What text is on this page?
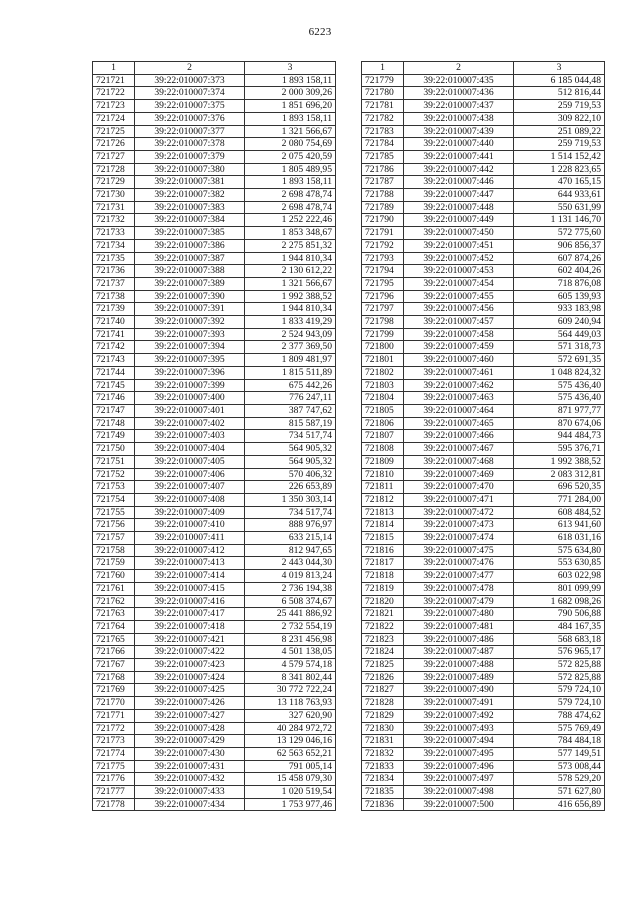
6223
1	2	3
721721	39:22:010007:373	1 893 158,11
721722	39:22:010007:374	2 000 309,26
721723	39:22:010007:375	1 851 696,20
721724	39:22:010007:376	1 893 158,11
721725	39:22:010007:377	1 321 566,67
721726	39:22:010007:378	2 080 754,69
721727	39:22:010007:379	2 075 420,59
721728	39:22:010007:380	1 805 489,95
721729	39:22:010007:381	1 893 158,11
721730	39:22:010007:382	2 698 478,74
721731	39:22:010007:383	2 698 478,74
721732	39:22:010007:384	1 252 222,46
721733	39:22:010007:385	1 853 348,67
721734	39:22:010007:386	2 275 851,32
721735	39:22:010007:387	1 944 810,34
721736	39:22:010007:388	2 130 612,22
721737	39:22:010007:389	1 321 566,67
721738	39:22:010007:390	1 992 388,52
721739	39:22:010007:391	1 944 810,34
721740	39:22:010007:392	1 833 419,29
721741	39:22:010007:393	2 524 943,09
721742	39:22:010007:394	2 377 369,50
721743	39:22:010007:395	1 809 481,97
721744	39:22:010007:396	1 815 511,89
721745	39:22:010007:399	675 442,26
721746	39:22:010007:400	776 247,11
721747	39:22:010007:401	387 747,62
721748	39:22:010007:402	815 587,19
721749	39:22:010007:403	734 517,74
721750	39:22:010007:404	564 905,32
721751	39:22:010007:405	564 905,32
721752	39:22:010007:406	570 406,32
721753	39:22:010007:407	226 653,89
721754	39:22:010007:408	1 350 303,14
721755	39:22:010007:409	734 517,74
721756	39:22:010007:410	888 976,97
721757	39:22:010007:411	633 215,14
721758	39:22:010007:412	812 947,65
721759	39:22:010007:413	2 443 044,30
721760	39:22:010007:414	4 019 813,24
721761	39:22:010007:415	2 736 194,38
721762	39:22:010007:416	6 508 374,67
721763	39:22:010007:417	25 441 886,92
721764	39:22:010007:418	2 732 554,19
721765	39:22:010007:421	8 231 456,98
721766	39:22:010007:422	4 501 138,05
721767	39:22:010007:423	4 579 574,18
721768	39:22:010007:424	8 341 802,44
721769	39:22:010007:425	30 772 722,24
721770	39:22:010007:426	13 118 763,93
721771	39:22:010007:427	327 620,90
721772	39:22:010007:428	40 284 972,72
721773	39:22:010007:429	13 129 046,16
721774	39:22:010007:430	62 563 652,21
721775	39:22:010007:431	791 005,14
721776	39:22:010007:432	15 458 079,30
721777	39:22:010007:433	1 020 519,54
721778	39:22:010007:434	1 753 977,46
1	2	3
721779	39:22:010007:435	6 185 044,48
721780	39:22:010007:436	512 816,44
721781	39:22:010007:437	259 719,53
721782	39:22:010007:438	309 822,10
721783	39:22:010007:439	251 089,22
721784	39:22:010007:440	259 719,53
721785	39:22:010007:441	1 514 152,42
721786	39:22:010007:442	1 228 823,65
721787	39:22:010007:446	470 165,15
721788	39:22:010007:447	644 933,61
721789	39:22:010007:448	550 631,99
721790	39:22:010007:449	1 131 146,70
721791	39:22:010007:450	572 775,60
721792	39:22:010007:451	906 856,37
721793	39:22:010007:452	607 874,26
721794	39:22:010007:453	602 404,26
721795	39:22:010007:454	718 876,08
721796	39:22:010007:455	605 139,93
721797	39:22:010007:456	933 183,98
721798	39:22:010007:457	609 240,94
721799	39:22:010007:458	564 449,03
721800	39:22:010007:459	571 318,73
721801	39:22:010007:460	572 691,35
721802	39:22:010007:461	1 048 824,32
721803	39:22:010007:462	575 436,40
721804	39:22:010007:463	575 436,40
721805	39:22:010007:464	871 977,77
721806	39:22:010007:465	870 674,06
721807	39:22:010007:466	944 484,73
721808	39:22:010007:467	595 376,71
721809	39:22:010007:468	1 992 388,52
721810	39:22:010007:469	2 083 312,81
721811	39:22:010007:470	696 520,35
721812	39:22:010007:471	771 284,00
721813	39:22:010007:472	608 484,52
721814	39:22:010007:473	613 941,60
721815	39:22:010007:474	618 031,16
721816	39:22:010007:475	575 634,80
721817	39:22:010007:476	553 630,85
721818	39:22:010007:477	603 022,98
721819	39:22:010007:478	801 099,99
721820	39:22:010007:479	1 682 098,26
721821	39:22:010007:480	790 506,88
721822	39:22:010007:481	484 167,35
721823	39:22:010007:486	568 683,18
721824	39:22:010007:487	576 965,17
721825	39:22:010007:488	572 825,88
721826	39:22:010007:489	572 825,88
721827	39:22:010007:490	579 724,10
721828	39:22:010007:491	579 724,10
721829	39:22:010007:492	788 474,62
721830	39:22:010007:493	575 769,49
721831	39:22:010007:494	784 484,18
721832	39:22:010007:495	577 149,51
721833	39:22:010007:496	573 008,44
721834	39:22:010007:497	578 529,20
721835	39:22:010007:498	571 627,80
721836	39:22:010007:500	416 656,89
